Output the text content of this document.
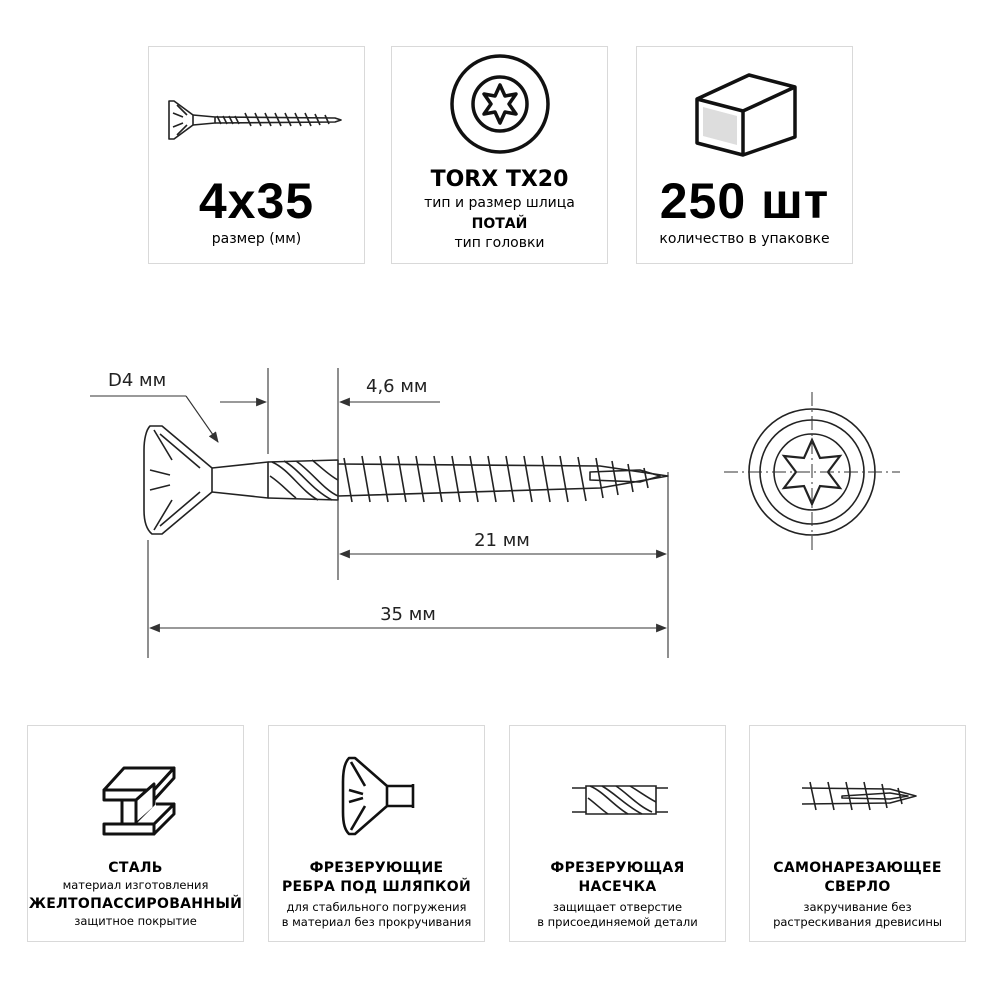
4x35
размер (мм)
TORX TX20
тип и размер шлица
ПОТАЙ
тип головки
250 шт
количество в упаковке
D4 мм	4,6 мм
21 мм
35 мм
СТАЛЬ
материал изготовления
ЖЕЛТОПАССИРОВАННЫЙ
защитное покрытие
ФРЕЗЕРУЮЩИЕ
РЕБРА ПОД ШЛЯПКОЙ
для стабильного погружения
в материал без прокручивания
ФРЕЗЕРУЮЩАЯ
НАСЕЧКА
защищает отверстие
в присоединяемой детали
САМОНАРЕЗАЮЩЕЕ
СВЕРЛО
закручивание без
растрескивания древисины
